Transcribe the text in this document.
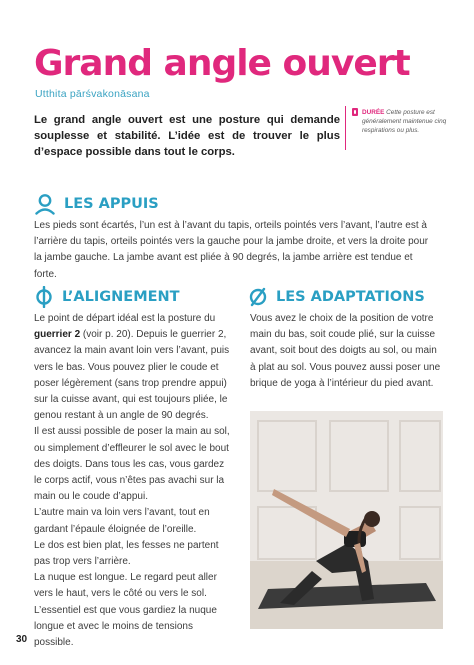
Grand angle ouvert
Utthita pārśvakonāsana
DURÉE Cette posture est généralement maintenue cinq respirations ou plus.

Le grand angle ouvert est une posture qui demande souplesse et stabilité. L’idée est de trouver le plus d’espace possible dans tout le corps.

LES APPUIS

Les pieds sont écartés, l’un est à l’avant du tapis, orteils pointés vers l’avant, l’autre est à l’arrière du tapis, orteils pointés vers la gauche pour la jambe droite, et vers la droite pour la jambe gauche. La jambe avant est pliée à 90 degrés, la jambe arrière est tendue et forte.

L’ALIGNEMENT
Le point de départ idéal est la posture du guerrier 2 (voir p. 20). Depuis le guerrier 2, avancez la main avant loin vers l’avant, puis vers le bas. Vous pouvez plier le coude et poser légèrement (sans trop prendre appui) sur la cuisse avant, qui est toujours pliée, le genou restant à un angle de 90 degrés.
Il est aussi possible de poser la main au sol, ou simplement d’effleurer le sol avec le bout des doigts. Dans tous les cas, vous gardez le corps actif, vous n’êtes pas avachi sur la main ou le coude d’appui.
L’autre main va loin vers l’avant, tout en gardant l’épaule éloignée de l’oreille.
Le dos est bien plat, les fesses ne partent pas trop vers l’arrière.
La nuque est longue. Le regard peut aller vers le haut, vers le côté ou vers le sol. L’essentiel est que vous gardiez la nuque longue et avec le moins de tensions possible.
LES ADAPTATIONS

Vous avez le choix de la position de votre main du bas, soit coude plié, sur la cuisse avant, soit bout des doigts au sol, ou main à plat au sol. Vous pouvez aussi poser une brique de yoga à l’intérieur du pied avant.

30
